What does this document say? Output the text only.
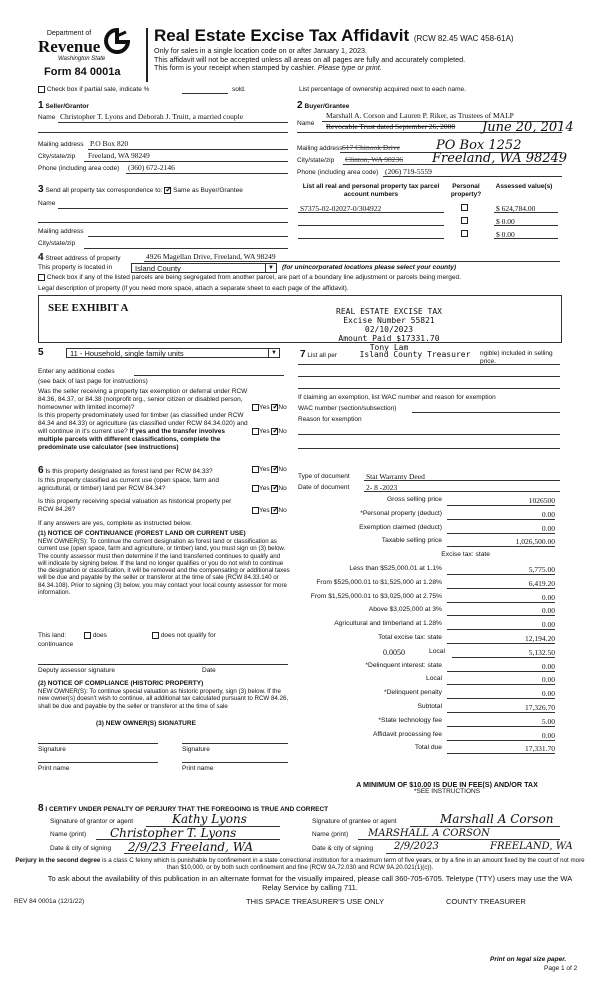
Department of
Revenue
Washington State
Form 84 0001a
Real Estate Excise Tax Affidavit (RCW 82.45 WAC 458-61A)
Only for sales in a single location code on or after January 1, 2023.
This affidavit will not be accepted unless all areas on all pages are fully and accurately completed.
This form is your receipt when stamped by cashier. Please type or print.
Check box if partial sale, indicate %	sold.	List percentage of ownership acquired next to each name.
1 Seller/Grantor
Name Christopher T. Lyons and Deborah J. Truitt, a married couple
Mailing address P.O Box 820
City/state/zip Freeland, WA 98249
Phone (including area code) (360) 672-2146
2 Buyer/Grantee
Name
Marshall A. Corson and Lauren P. Riker, as Trustees of MALP
Revocable Trust dated September 26, 2000 June 20, 2014
Mailing address 617 Chinook Drive	PO Box 1252
City/state/zip Clinton, WA 98236 Freeland, WA 98249
Phone (including area code) (206) 719-5559
3 Send all property tax correspondence to: ✓ Same as Buyer/Grantee
Name
Mailing address
City/state/zip
List all real and personal property tax parcel account numbers
Personal property?
Assessed value(s)
S7375-02-02027-0/304922	$ 624,784.00
$ 0.00
$ 0.00
4 Street address of property	4926 Magellan Drive, Freeland, WA 98249
This property is located in	Island County	▼	(for unincorporated locations please select your county)
Check box if any of the listed parcels are being segregated from another parcel, are part of a boundary line adjustment or parcels being merged.
Legal description of property (if you need more space, attach a separate sheet to each page of the affidavit).
SEE EXHIBIT A	REAL ESTATE EXCISE TAX
Excise Number 55821
02/10/2023
Amount Paid $17331.70
Tony Lam
5	11 - Household, single family units	▼ 7 List all per	Island County Treasurer	ngible) included in selling price.
Enter any additional codes
(see back of last page for instructions)
Was the seller receiving a property tax exemption or deferral under RCW 84.36, 84.37, or 84.38 (nonprofit org., senior citizen or disabled person, homeowner with limited income)?	Yes ✓ No
Is this property predominately used for timber (as classified under RCW 84.34 and 84.33) or agriculture (as classified under RCW 84.34.020) and will continue in it's current use? If yes and the transfer involves multiple parcels with different classifications, complete the predominate use calculator (see instructions)
Yes ✓ No
If claiming an exemption, list WAC number and reason for exemption
WAC number (section/subsection)
Reason for exemption
6 Is this property designated as forest land per RCW 84.33?	Yes ✓ No
Is this property classified as current use (open space, farm and agricultural, or timber) land per RCW 84.34?	Yes ✓ No
Is this property receiving special valuation as historical property per RCW 84.26?	Yes ✓ No
If any answers are yes, complete as instructed below.
(1) NOTICE OF CONTINUANCE (FOREST LAND OR CURRENT USE)
NEW OWNER(S): To continue the current designation as forest land or classification as current use (open space, farm and agriculture, or timber) land, you must sign on (3) below. The county assessor must then determine if the land transferred continues to qualify and will indicate by signing below. If the land no longer qualifies or you do not wish to continue the designation or classification, it will be removed and the compensating or additional taxes will be due and payable by the seller or transferor at the time of sale (RCW 84.33.140 or 84.34.108). Prior to signing (3) below, you may contact your local county assessor for more information.
This land:	does	does not qualify for
continuance
Deputy assessor signature	Date
(2) NOTICE OF COMPLIANCE (HISTORIC PROPERTY)
NEW OWNER(S): To continue special valuation as historic property, sign (3) below. If the new owner(s) doesn't wish to continue, all additional tax calculated pursuant to RCW 84.26, shall be due and payable by the seller or transferor at the time of sale
(3) NEW OWNER(S) SIGNATURE
Signature	Signature
Print name	Print name
Type of document Stat Warranty Deed
Date of document 2- 8 -2023
Gross selling price	1026500
*Personal property (deduct)	0.00
Exemption claimed (deduct)	0.00
Taxable selling price	1,026,500.00
Excise tax: state
Less than $525,000.01 at 1.1%	5,775.00
From $525,000.01 to $1,525,000 at 1.28%	6,419.20
From $1,525,000.01 to $3,025,000 at 2.75%	0.00
Above $3,025,000 at 3%	0.00
Agricultural and timberland at 1.28%	0.00
Total excise tax: state	12,194.20
0.0050	Local	5,132.50
*Delinquent interest: state	0.00
Local	0.00
*Delinquent penalty	0.00
Subtotal	17,326.70
*State technology fee	5.00
Affidavit processing fee	0.00
Total due	17,331.70
A MINIMUM OF $10.00 IS DUE IN FEE(S) AND/OR TAX
*SEE INSTRUCTIONS
8 I CERTIFY UNDER PENALTY OF PERJURY THAT THE FOREGOING IS TRUE AND CORRECT
Signature of grantor or agent	Kathy Lyons
Name (print) Christopher T. Lyons
Date & city of signing 2/9/23 Freeland, WA
Signature of grantee or agent	Marshall A Corson
Name (print) MARSHALL A CORSON
Date & city of signing 2/9/2023	FREELAND, WA
Perjury in the second degree is a class C felony which is punishable by confinement in a state correctional institution for a maximum term of five years, or by a fine in an amount fixed by the court of not more than $10,000, or by both such confinement and fine (RCW 9A.72.030 and RCW 9A.20.021(1)(c)).
To ask about the availability of this publication in an alternate format for the visually impaired, please call 360-705-6705. Teletype (TTY) users may use the WA Relay Service by calling 711.
REV 84 0001a (12/1/22)	THIS SPACE TREASURER'S USE ONLY	COUNTY TREASURER
Print on legal size paper.
Page 1 of 2
